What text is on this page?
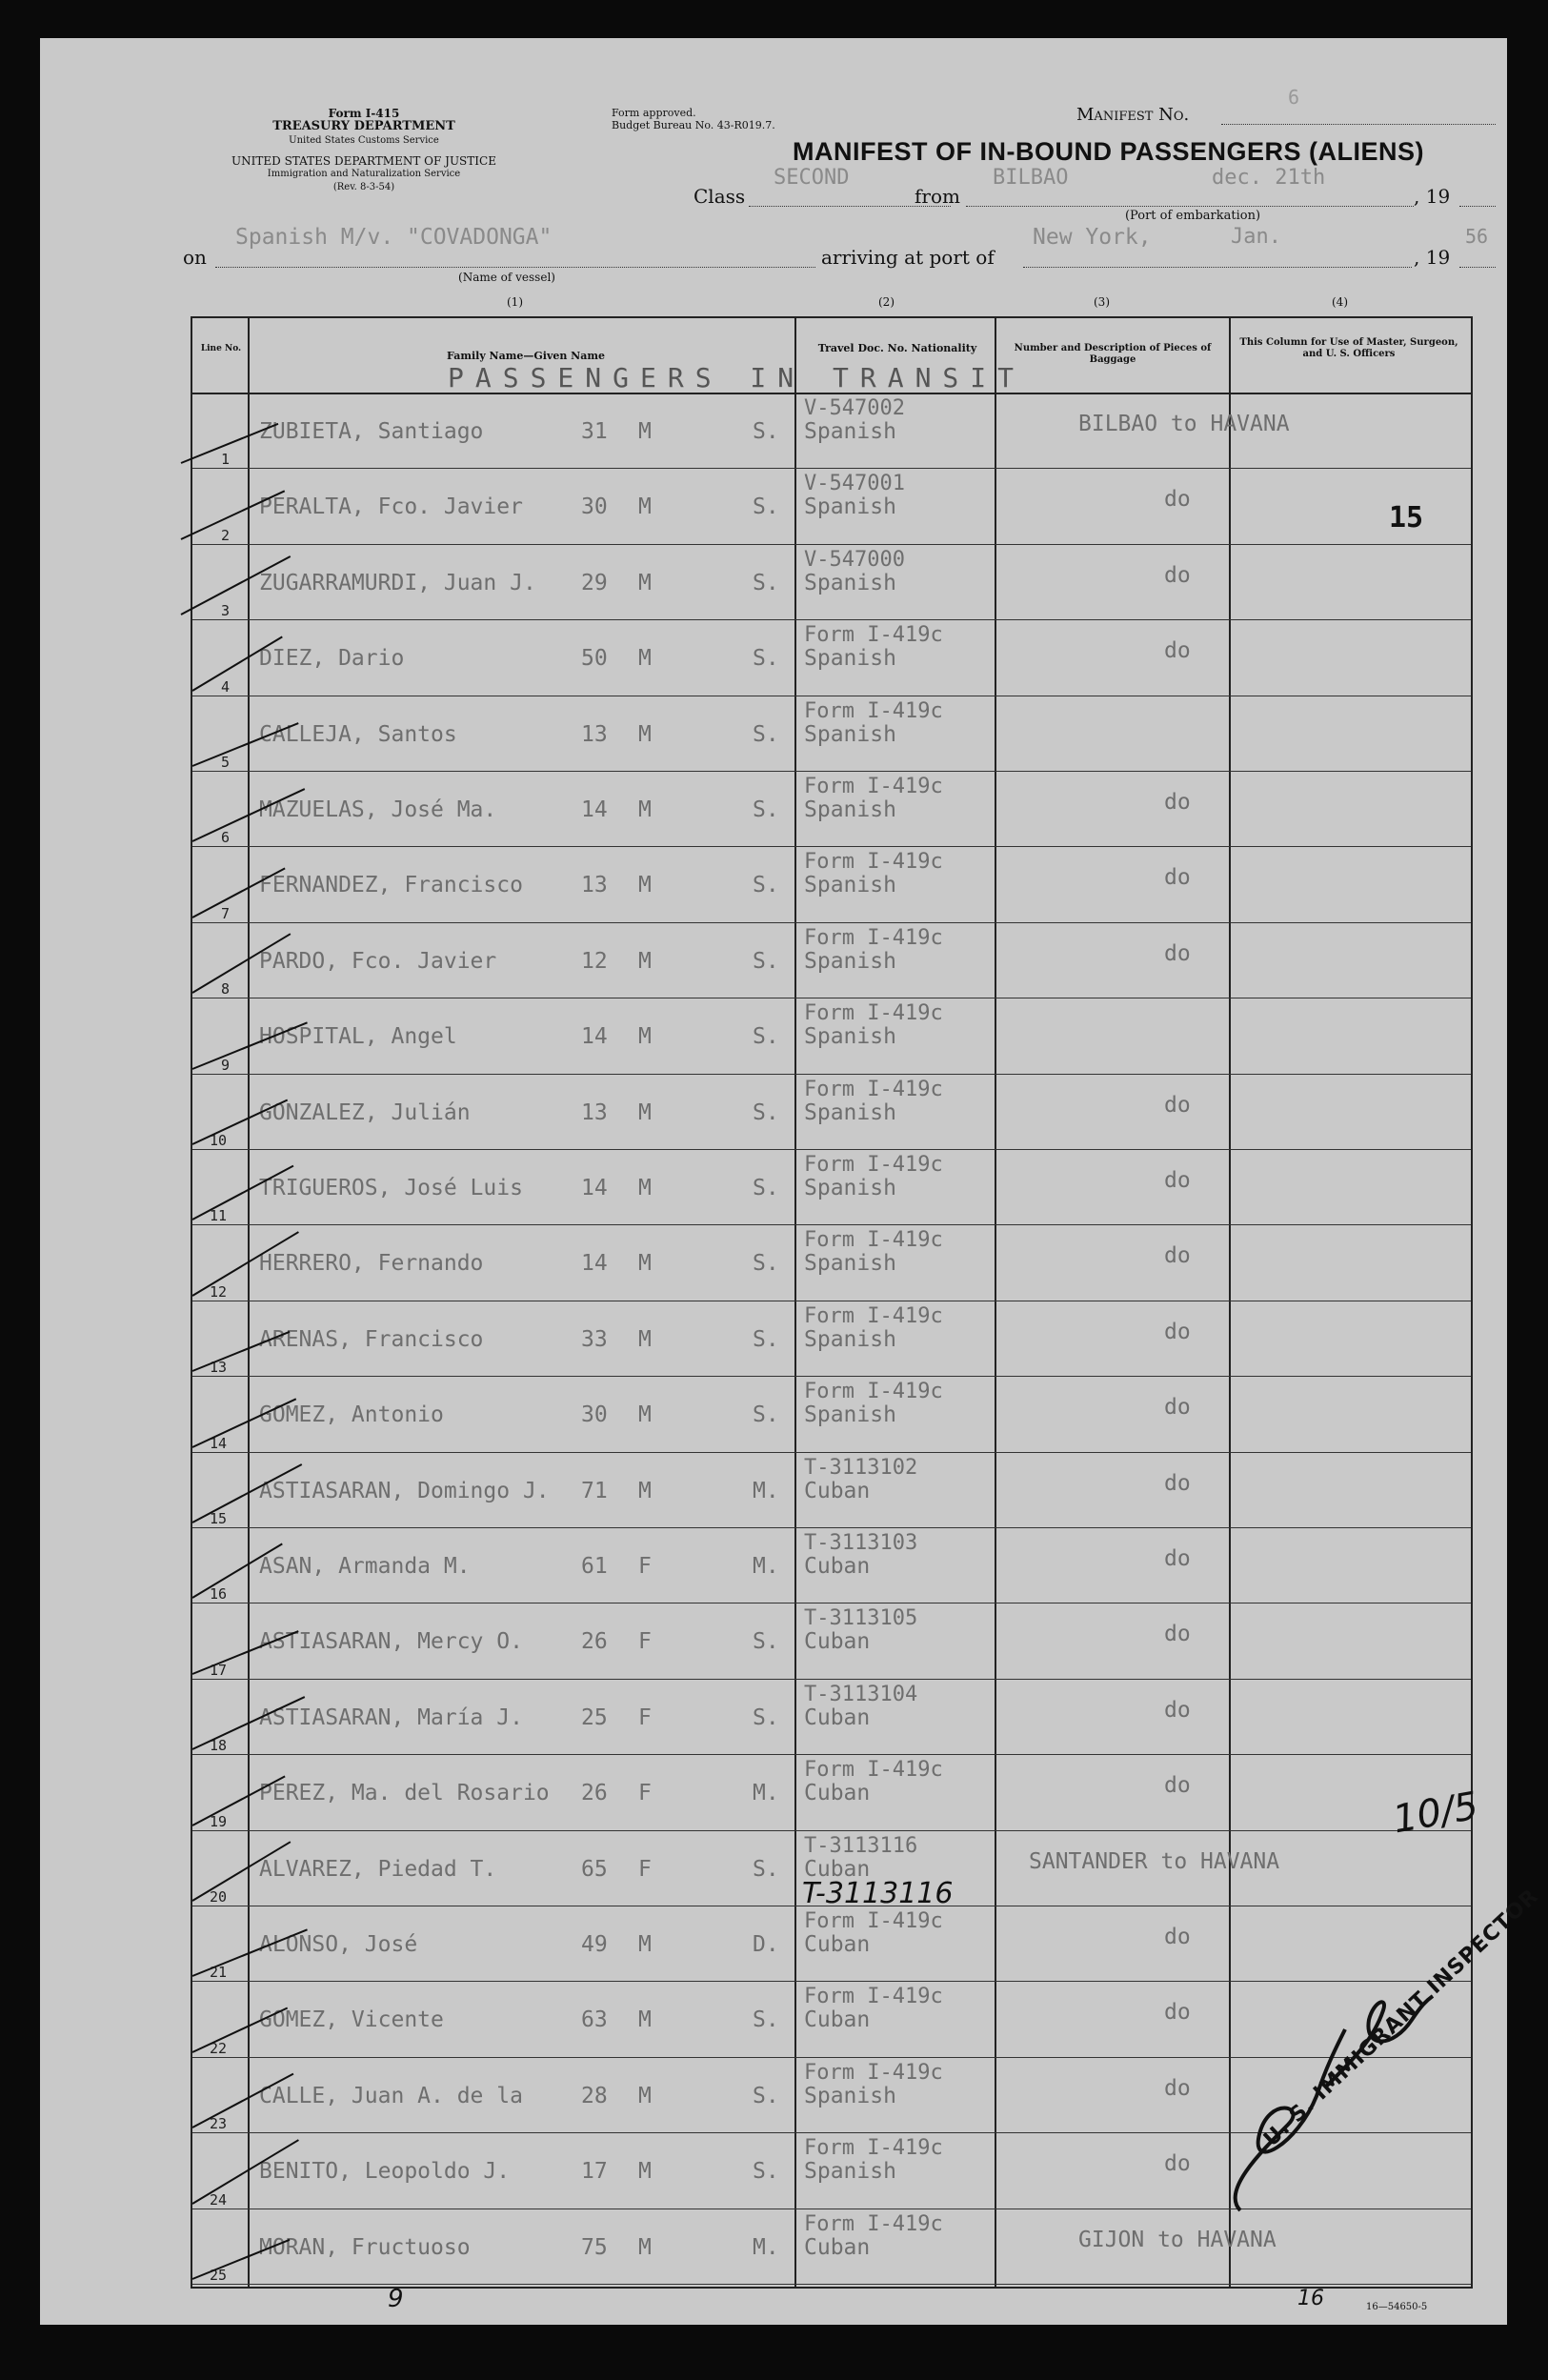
Form I-415
TREASURY DEPARTMENT
United States Customs Service
UNITED STATES DEPARTMENT OF JUSTICE
Immigration and Naturalization Service
(Rev. 8-3-54)
Form approved.
Budget Bureau No. 43-R019.7.
Manifest No.
6
MANIFEST OF IN-BOUND PASSENGERS (ALIENS)
Class
SECOND
from
BILBAO	dec. 21th
, 19
(Port of embarkation)
on
Spanish M/v. "COVADONGA"
(Name of vessel)
arriving at port of
New York,	Jan.
, 19
56
(1)	(2)	(3)	(4)
Line No.
Family Name—Given Name
Travel Doc. No. Nationality	Number and Description of Pieces of Baggage
This Column for Use of Master, Surgeon, and U. S. Officers
PASSENGERS IN TRANSIT
15
1
ZUBIETA, Santiago	31 M	S.
V-547002
Spanish	BILBAO to HAVANA
2
PERALTA, Fco. Javier	30 M	S.
V-547001
Spanish	do
3
ZUGARRAMURDI, Juan J. 29 M	S.
V-547000
Spanish	do
4
DIEZ, Dario	50 M	S.
Form I-419c
Spanish	do
5
CALLEJA, Santos	13 M	S.
Form I-419c
Spanish
6
MAZUELAS, José Ma.	14 M	S.
Form I-419c
Spanish	do
7
FERNANDEZ, Francisco	13 M	S.
Form I-419c
Spanish	do
8
PARDO, Fco. Javier	12 M	S.
Form I-419c
Spanish	do
9
HOSPITAL, Angel	14 M	S.
Form I-419c
Spanish
10
GONZALEZ, Julián	13 M	S.
Form I-419c
Spanish	do
11
TRIGUEROS, José Luis	14 M	S.
Form I-419c
Spanish	do
12
HERRERO, Fernando	14 M	S.
Form I-419c
Spanish	do
13
ARENAS, Francisco	33 M	S.
Form I-419c
Spanish	do
14
GOMEZ, Antonio	30 M	S.
Form I-419c
Spanish	do
15
ASTIASARAN, Domingo J. 71 M	M.
T-3113102
Cuban	do
16
ASAN, Armanda M.	61 F	M.
T-3113103
Cuban	do
17
ASTIASARAN, Mercy O.	26 F	S.
T-3113105
Cuban	do
18
ASTIASARAN, María J.	25 F	S.
T-3113104
Cuban	do
19
PEREZ, Ma. del Rosario 26 F	M.
Form I-419c
Cuban	do
20
ALVAREZ, Piedad T.	65 F	S.
T-3113116
Cuban	SANTANDER to HAVANA
21
ALONSO, José	49 M	D.
Form I-419c
Cuban	do
22
GOMEZ, Vicente	63 M	S.
Form I-419c
Cuban	do
23
CALLE, Juan A. de la	28 M	S.
Form I-419c
Spanish	do
24
BENITO, Leopoldo J.	17 M	S.
Form I-419c
Spanish	do
25
MORAN, Fructuoso	75 M	M.
Form I-419c
Cuban	GIJON to HAVANA
T-3113116
10/5
9	16	16—54650-5
U. S. IMMIGRANT INSPECTOR
